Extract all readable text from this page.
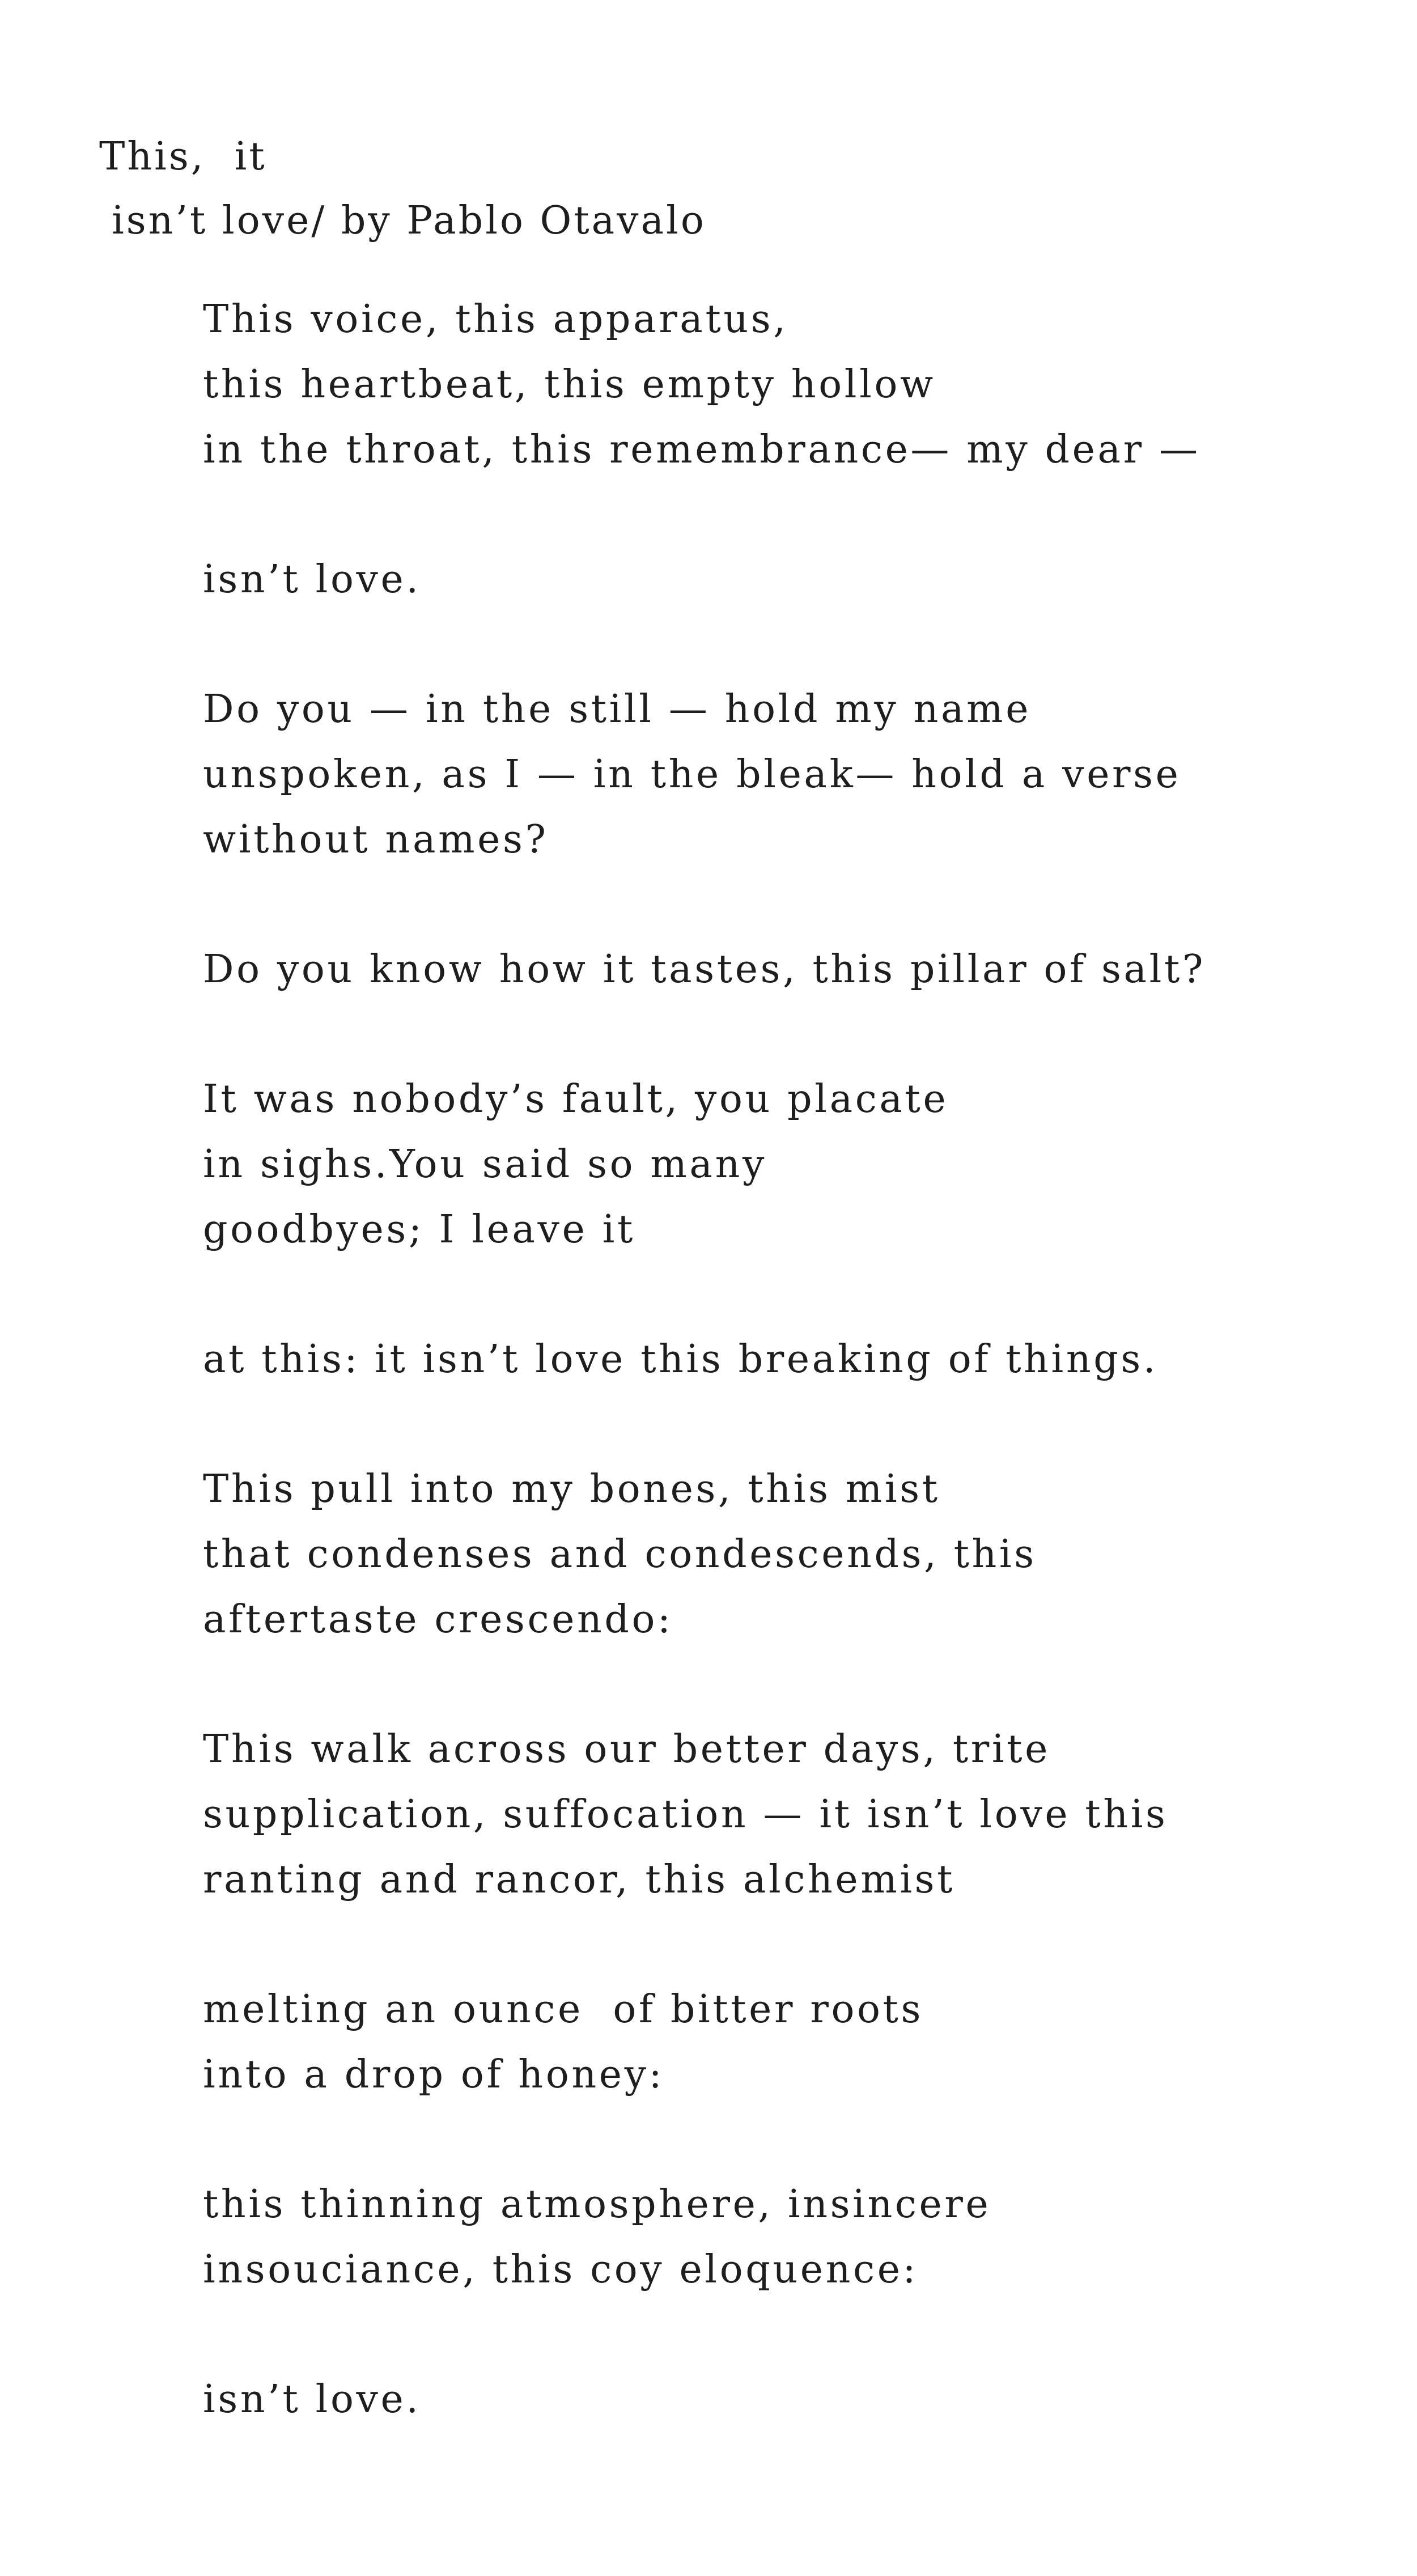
This,  it
isn’t love/ by Pablo Otavalo
This voice, this apparatus,
this heartbeat, this empty hollow
in the throat, this remembrance— my dear —
isn’t love.
Do you — in the still — hold my name
unspoken, as I — in the bleak— hold a verse
without names?
Do you know how it tastes, this pillar of salt?
It was nobody’s fault, you placate
in sighs.You said so many
goodbyes; I leave it
at this: it isn’t love this breaking of things.
This pull into my bones, this mist
that condenses and condescends, this
aftertaste crescendo:
This walk across our better days, trite
supplication, suffocation — it isn’t love this
ranting and rancor, this alchemist
melting an ounce  of bitter roots
into a drop of honey:
this thinning atmosphere, insincere
insouciance, this coy eloquence:
isn’t love.
